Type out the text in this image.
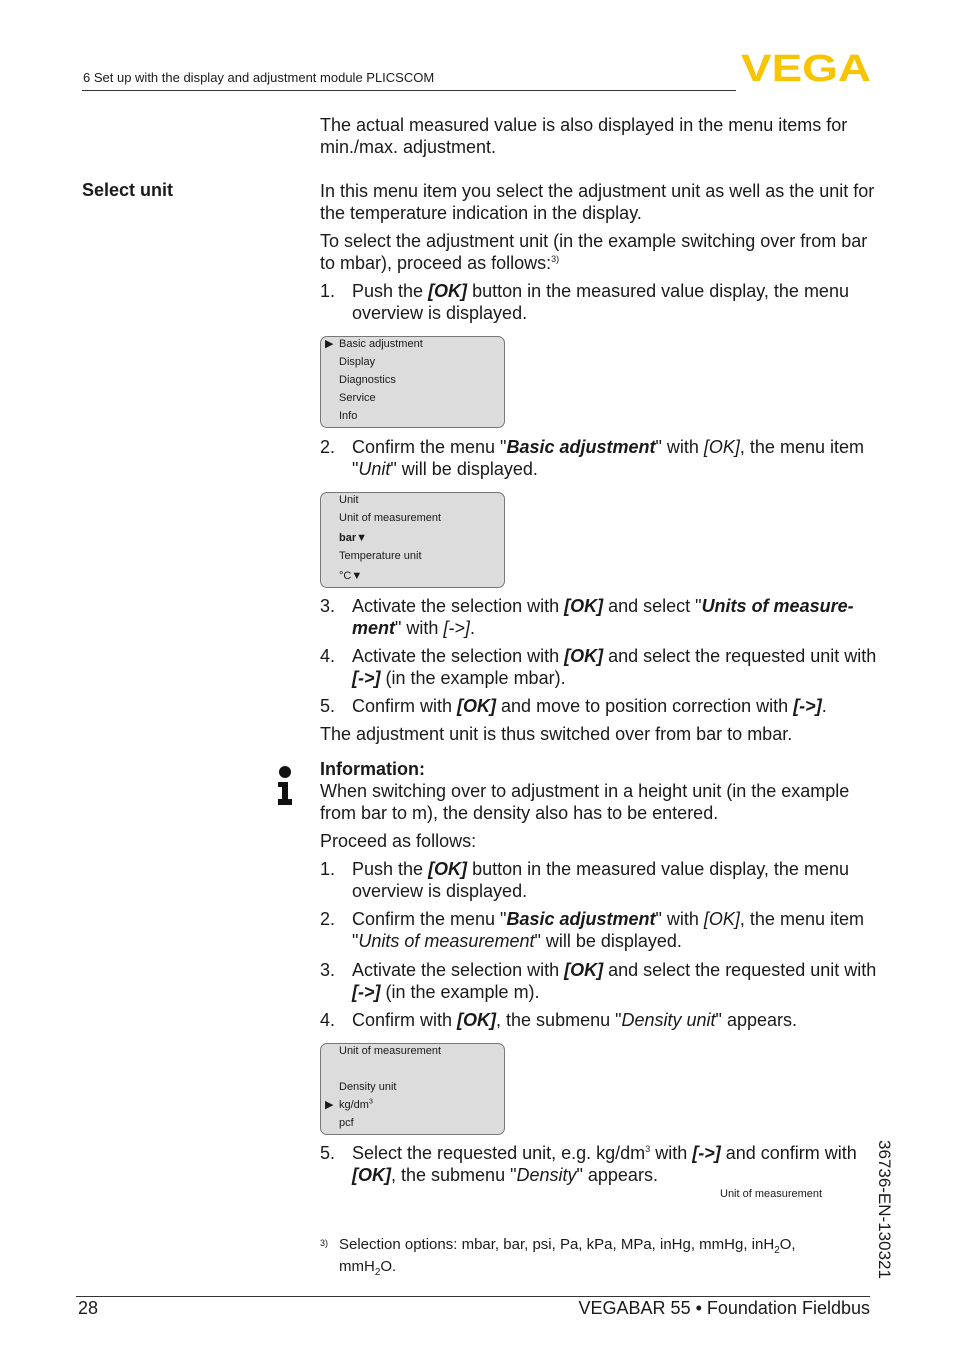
6 Set up with the display and adjustment module PLICSCOM	VEGA
The actual measured value is also displayed in the menu items for min./max. adjustment.
Select unit	In this menu item you select the adjustment unit as well as the unit for the temperature indication in the display.
To select the adjustment unit (in the example switching over from bar to mbar), proceed as follows:$^{3)}$
1. Push the [OK] button in the measured value display, the menu overview is displayed.
▶ Basic adjustment
Display
Diagnostics
Service
Info
2. Confirm the menu "Basic adjustment" with [OK], the menu item "Unit" will be displayed.
Unit
Unit of measurement
bar▼
Temperature unit
°C▼
3. Activate the selection with [OK] and select "Units of measure-ment" with [->].
4. Activate the selection with [OK] and select the requested unit with [->] (in the example mbar).
5. Confirm with [OK] and move to position correction with [->].
The adjustment unit is thus switched over from bar to mbar.
Information:
When switching over to adjustment in a height unit (in the example from bar to m), the density also has to be entered.
Proceed as follows:
1. Push the [OK] button in the measured value display, the menu overview is displayed.
2. Confirm the menu "Basic adjustment" with [OK], the menu item "Units of measurement" will be displayed.
3. Activate the selection with [OK] and select the requested unit with [->] (in the example m).
4. Confirm with [OK], the submenu "Density unit" appears.
Unit of measurement
Density unit
▶ $kg/dm^3$
pcf
5. Select the requested unit, e.g. $kg/dm^3$ with [->] and confirm with [OK], the submenu "Density" appears.
Unit of measurement
3) Selection options: mbar, bar, psi, Pa, kPa, MPa, inHg, mmHg, inH$_2$O, mmH$_2$O.	36736-EN-130321
28	VEGABAR 55 • Foundation Fieldbus
